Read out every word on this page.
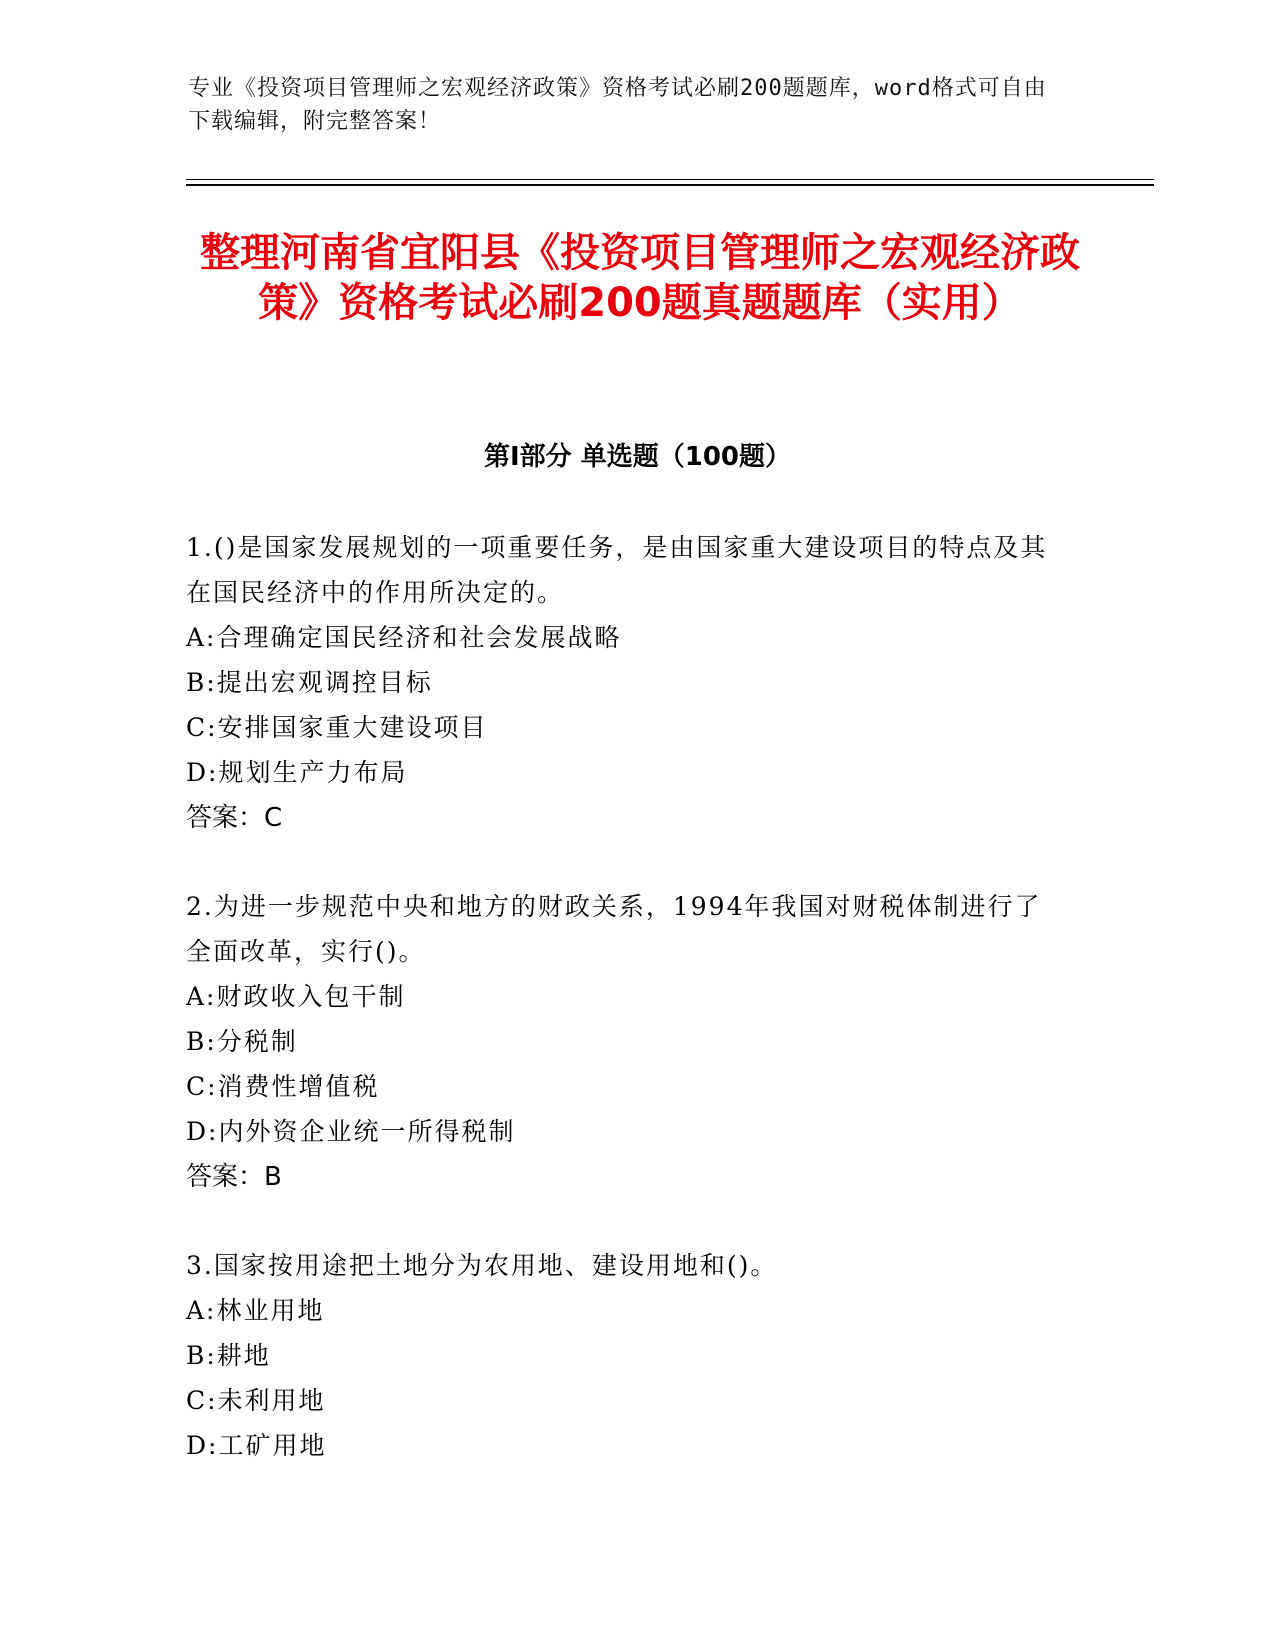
专业《投资项目管理师之宏观经济政策》资格考试必刷200题题库，word格式可自由下载编辑，附完整答案！
整理河南省宜阳县《投资项目管理师之宏观经济政策》资格考试必刷200题真题题库（实用）
第I部分 单选题（100题）

1.()是国家发展规划的一项重要任务，是由国家重大建设项目的特点及其在国民经济中的作用所决定的。

A:合理确定国民经济和社会发展战略

B:提出宏观调控目标

C:安排国家重大建设项目

D:规划生产力布局

答案：C

2.为进一步规范中央和地方的财政关系，1994年我国对财税体制进行了全面改革，实行()。

A:财政收入包干制

B:分税制

C:消费性增值税

D:内外资企业统一所得税制

答案：B

3.国家按用途把土地分为农用地、建设用地和()。

A:林业用地

B:耕地

C:未利用地

D:工矿用地
